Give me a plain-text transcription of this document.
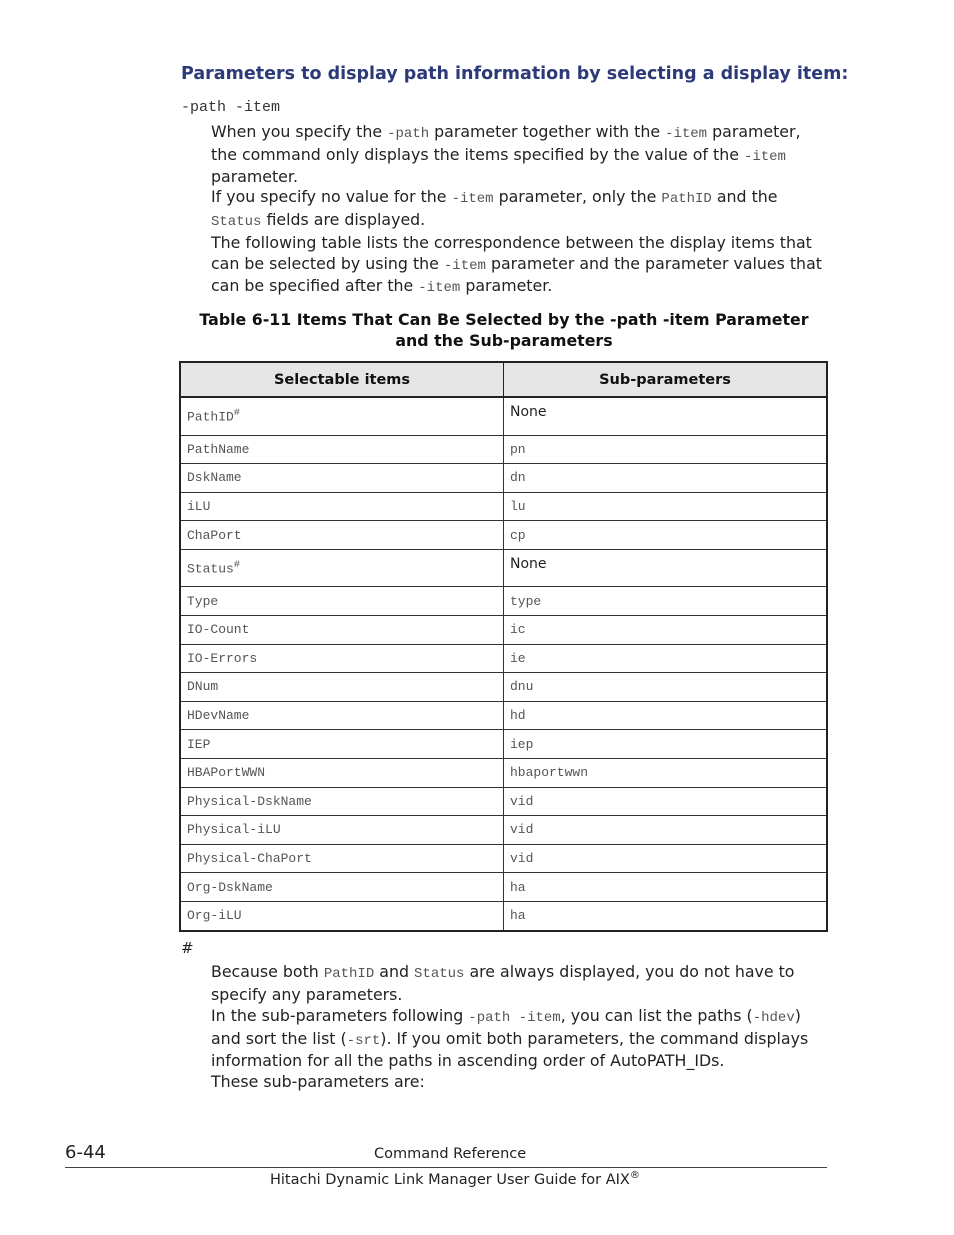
Parameters to display path information by selecting a display item:
-path -item
When you specify the -path parameter together with the -item parameter, the command only displays the items specified by the value of the -item parameter.
If you specify no value for the -item parameter, only the PathID and the Status fields are displayed.
The following table lists the correspondence between the display items that can be selected by using the -item parameter and the parameter values that can be specified after the -item parameter.
Table 6-11 Items That Can Be Selected by the -path -item Parameter and the Sub-parameters
Selectable items	Sub-parameters
PathID#	None
PathName	pn
DskName	dn
iLU	lu
ChaPort	cp
Status#	None
Type	type
IO-Count	ic
IO-Errors	ie
DNum	dnu
HDevName	hd
IEP	iep
HBAPortWWN	hbaportwwn
Physical-DskName	vid
Physical-iLU	vid
Physical-ChaPort	vid
Org-DskName	ha
Org-iLU	ha
#
Because both PathID and Status are always displayed, you do not have to specify any parameters.
In the sub-parameters following -path -item, you can list the paths (-hdev) and sort the list (-srt). If you omit both parameters, the command displays information for all the paths in ascending order of AutoPATH_IDs.
These sub-parameters are:
6-44	Command Reference
Hitachi Dynamic Link Manager User Guide for AIX®
